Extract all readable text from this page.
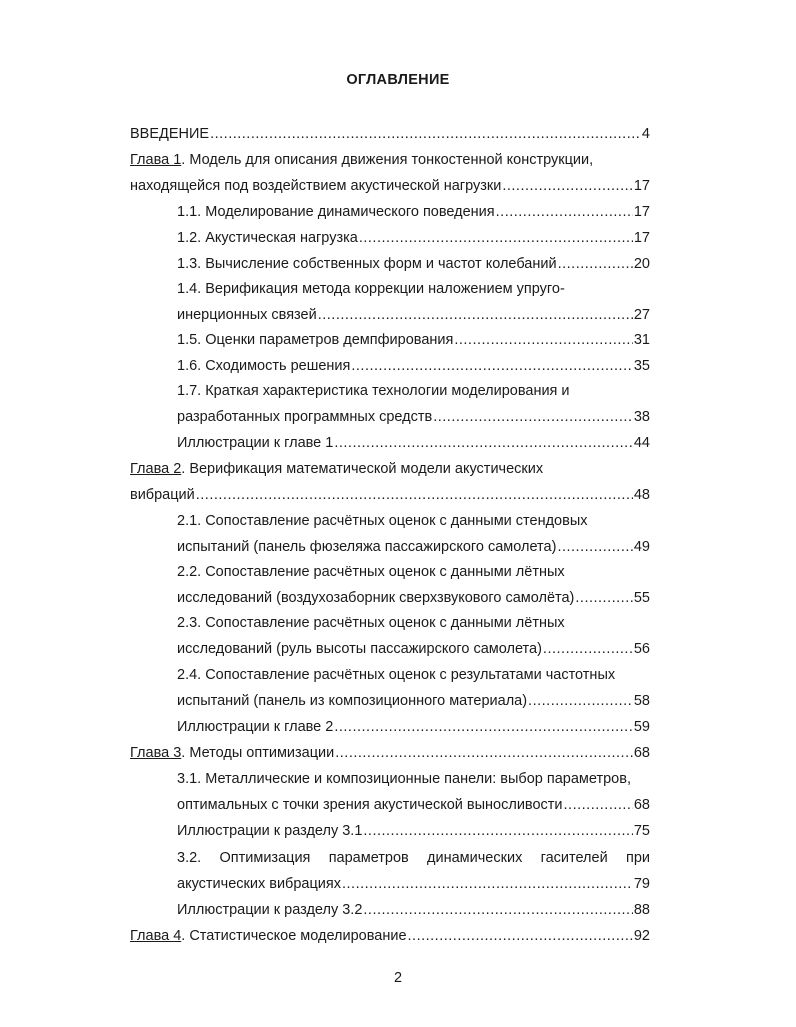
ОГЛАВЛЕНИЕ
ВВЕДЕНИЕ .....	4
Глава 1. Модель для описания движения тонкостенной конструкции,
находящейся под воздействием акустической нагрузки .....	17
1.1. Моделирование динамического поведения .....	17
1.2. Акустическая нагрузка .....	17
1.3. Вычисление собственных форм и частот колебаний .....	20
1.4. Верификация метода коррекции наложением упруго-
инерционных связей .....	27
1.5. Оценки параметров демпфирования .....	31
1.6. Сходимость решения .....	35
1.7. Краткая характеристика технологии моделирования и
разработанных программных средств .....	38
Иллюстрации к главе 1 .....	44
Глава 2. Верификация математической модели акустических
вибраций .....	48
2.1. Сопоставление расчётных оценок с данными стендовых
испытаний (панель фюзеляжа пассажирского самолета) .....	49
2.2. Сопоставление расчётных оценок с данными лётных
исследований (воздухозаборник сверхзвукового самолёта) .....	55
2.3. Сопоставление расчётных оценок с данными лётных
исследований (руль высоты пассажирского самолета) .....	56
2.4. Сопоставление расчётных оценок с результатами частотных
испытаний (панель из композиционного материала) .....	58
Иллюстрации к главе 2 .....	59
Глава 3. Методы оптимизации .....	68
3.1. Металлические и композиционные панели: выбор параметров,
оптимальных с точки зрения акустической выносливости .....	68
Иллюстрации к разделу 3.1 .....	75
3.2. Оптимизация параметров динамических гасителей при
акустических вибрациях .....	79
Иллюстрации к разделу 3.2 .....	88
Глава 4. Статистическое моделирование .....	92
2
